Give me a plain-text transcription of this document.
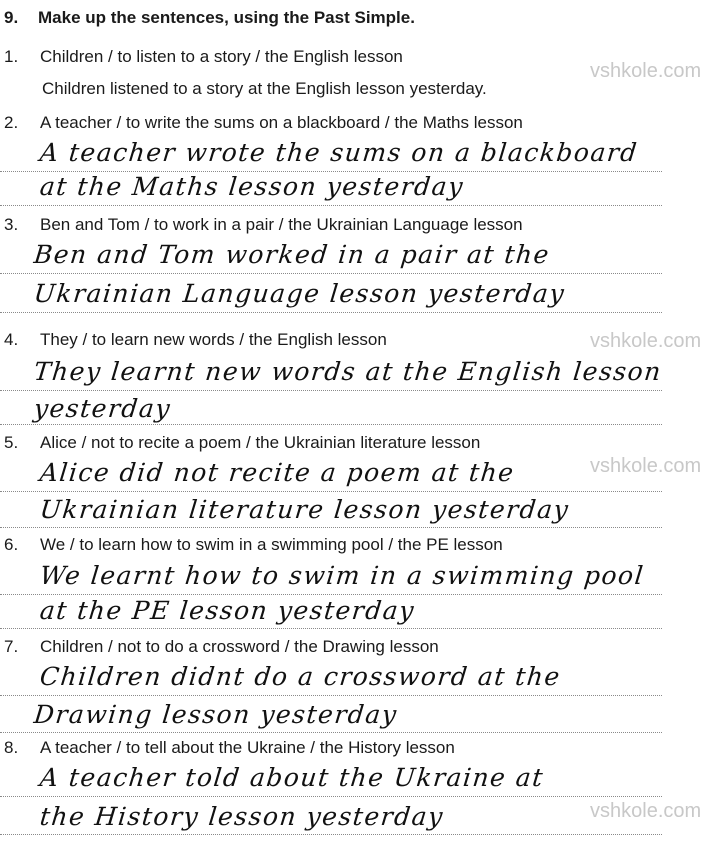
vshkole.com
vshkole.com
vshkole.com
vshkole.com
9. Make up the sentences, using the Past Simple.
1. Children / to listen to a story / the English lesson
Children listened to a story at the English lesson yesterday.
2. A teacher / to write the sums on a blackboard / the Maths lesson
A teacher wrote the sums on a blackboard
at the Maths lesson yesterday
3. Ben and Tom / to work in a pair / the Ukrainian Language lesson
Ben and Tom worked in a pair at the
Ukrainian Language lesson yesterday
4. They / to learn new words / the English lesson
They learnt new words at the English lesson
yesterday
5. Alice / not to recite a poem / the Ukrainian literature lesson
Alice did not recite a poem at the
Ukrainian literature lesson yesterday
6. We / to learn how to swim in a swimming pool / the PE lesson
We learnt how to swim in a swimming pool
at the PE lesson yesterday
7. Children / not to do a crossword / the Drawing lesson
Children didnt do a crossword at the
Drawing lesson yesterday
8. A teacher / to tell about the Ukraine / the History lesson
A teacher told about the Ukraine at
the History lesson yesterday
